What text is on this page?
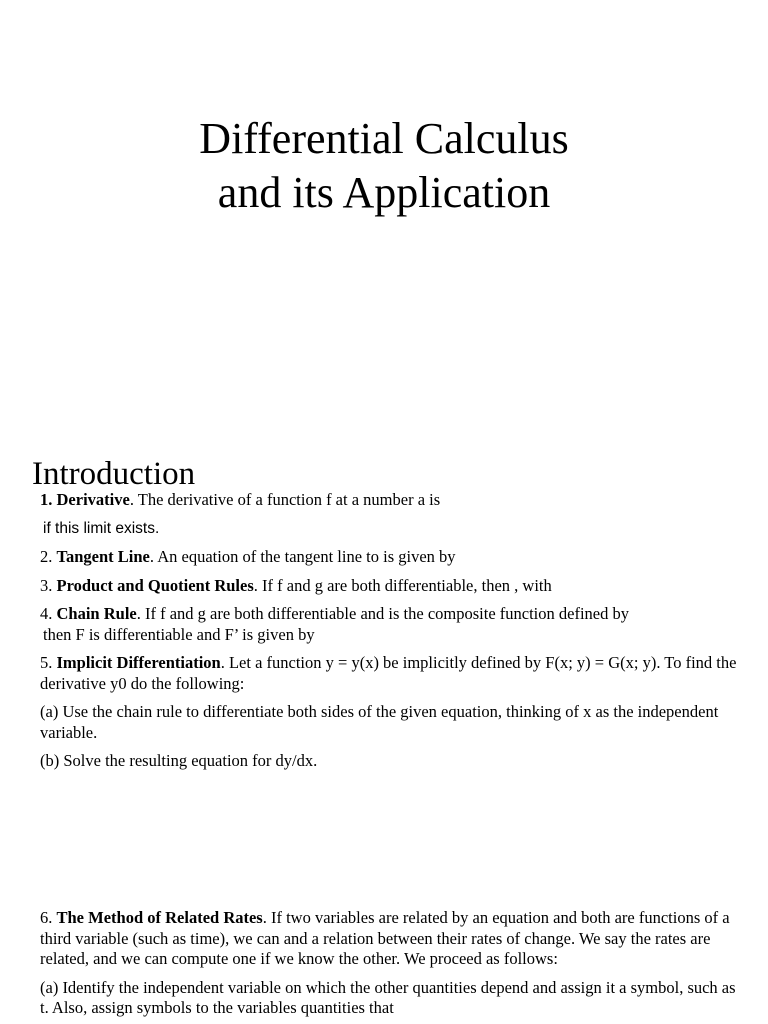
Differential Calculus
and its Application
Introduction

1. Derivative. The derivative of a function f at a number a is

if this limit exists.

2. Tangent Line. An equation of the tangent line to is given by

3. Product and Quotient Rules. If f and g are both differentiable, then , with

4. Chain Rule. If f and g are both differentiable and is the composite function defined by
then F is differentiable and F’ is given by

5. Implicit Differentiation. Let a function y = y(x) be implicitly defined by F(x; y) = G(x; y). To find the derivative y0 do the following:

(a) Use the chain rule to differentiate both sides of the given equation, thinking of x as the independent variable.

(b) Solve the resulting equation for dy/dx.

6. The Method of Related Rates. If two variables are related by an equation and both are functions of a third variable (such as time), we can and a relation between their rates of change. We say the rates are related, and we can compute one if we know the other. We proceed as follows:

(a) Identify the independent variable on which the other quantities depend and assign it a symbol, such as t. Also, assign symbols to the variables quantities that
